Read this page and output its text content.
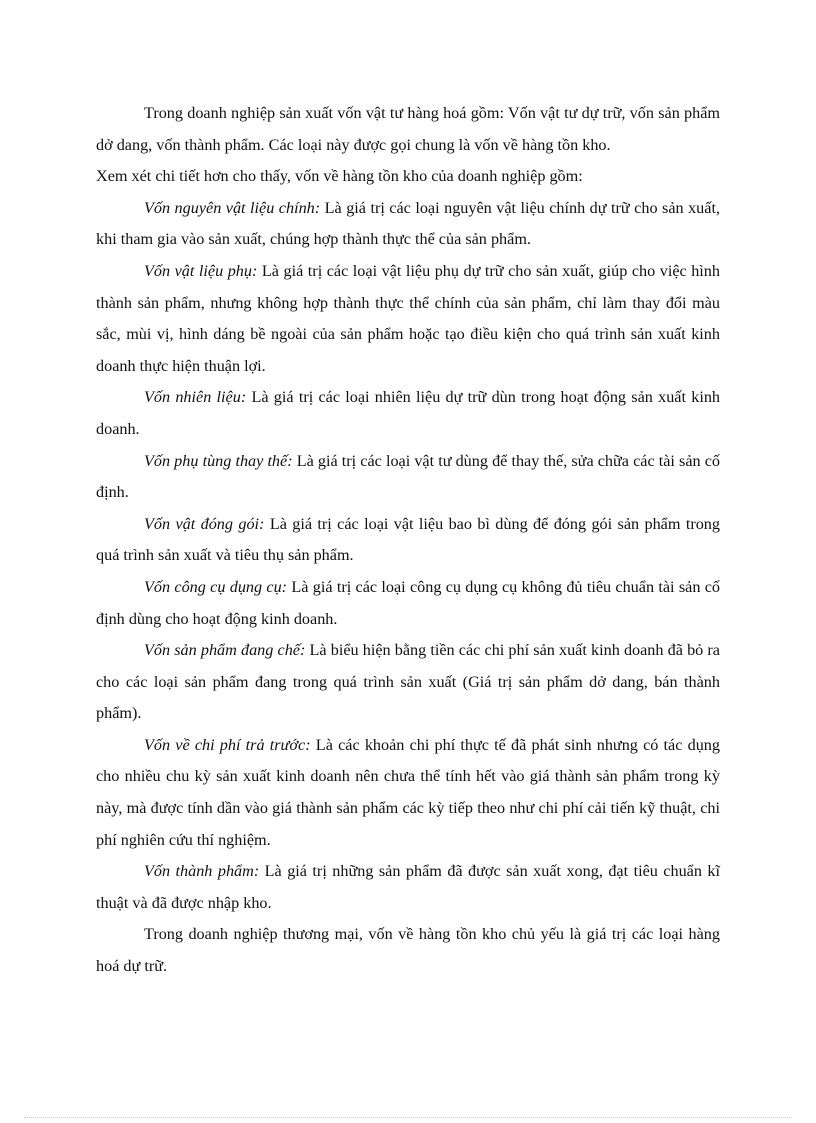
Trong doanh nghiệp sản xuất vốn vật tư hàng hoá gồm: Vốn vật tư dự trữ, vốn sản phẩm dở dang, vốn thành phẩm. Các loại này được gọi chung là vốn về hàng tồn kho.

Xem xét chi tiết hơn cho thấy, vốn về hàng tồn kho của doanh nghiệp gồm:

Vốn nguyên vật liệu chính: Là giá trị các loại nguyên vật liệu chính dự trữ cho sản xuất, khi tham gia vào sản xuất, chúng hợp thành thực thể của sản phẩm.

Vốn vật liệu phụ: Là giá trị các loại vật liệu phụ dự trữ cho sản xuất, giúp cho việc hình thành sản phẩm, nhưng không hợp thành thực thể chính của sản phẩm, chỉ làm thay đổi màu sắc, mùi vị, hình dáng bề ngoài của sản phẩm hoặc tạo điều kiện cho quá trình sản xuất kinh doanh thực hiện thuận lợi.

Vốn nhiên liệu: Là giá trị các loại nhiên liệu dự trữ dùn trong hoạt động sản xuất kinh doanh.

Vốn phụ tùng thay thế: Là giá trị các loại vật tư dùng để thay thế, sửa chữa các tài sản cố định.

Vốn vật đóng gói: Là giá trị các loại vật liệu bao bì dùng để đóng gói sản phẩm trong quá trình sản xuất và tiêu thụ sản phẩm.

Vốn công cụ dụng cụ: Là giá trị các loại công cụ dụng cụ không đủ tiêu chuẩn tài sản cố định dùng cho hoạt động kinh doanh.

Vốn sản phẩm đang chế: Là biểu hiện bằng tiền các chi phí sản xuất kinh doanh đã bỏ ra cho các loại sản phẩm đang trong quá trình sản xuất (Giá trị sản phẩm dở dang, bán thành phẩm).

Vốn về chi phí trả trước: Là các khoản chi phí thực tế đã phát sinh nhưng có tác dụng cho nhiều chu kỳ sản xuất kinh doanh nên chưa thể tính hết vào giá thành sản phẩm trong kỳ này, mà được tính dần vào giá thành sản phẩm các kỳ tiếp theo như chi phí cải tiến kỹ thuật, chi phí nghiên cứu thí nghiệm.

Vốn thành phẩm: Là giá trị những sản phẩm đã được sản xuất xong, đạt tiêu chuẩn kĩ thuật và đã được nhập kho.

Trong doanh nghiệp thương mại, vốn về hàng tồn kho chủ yếu là giá trị các loại hàng hoá dự trữ.
